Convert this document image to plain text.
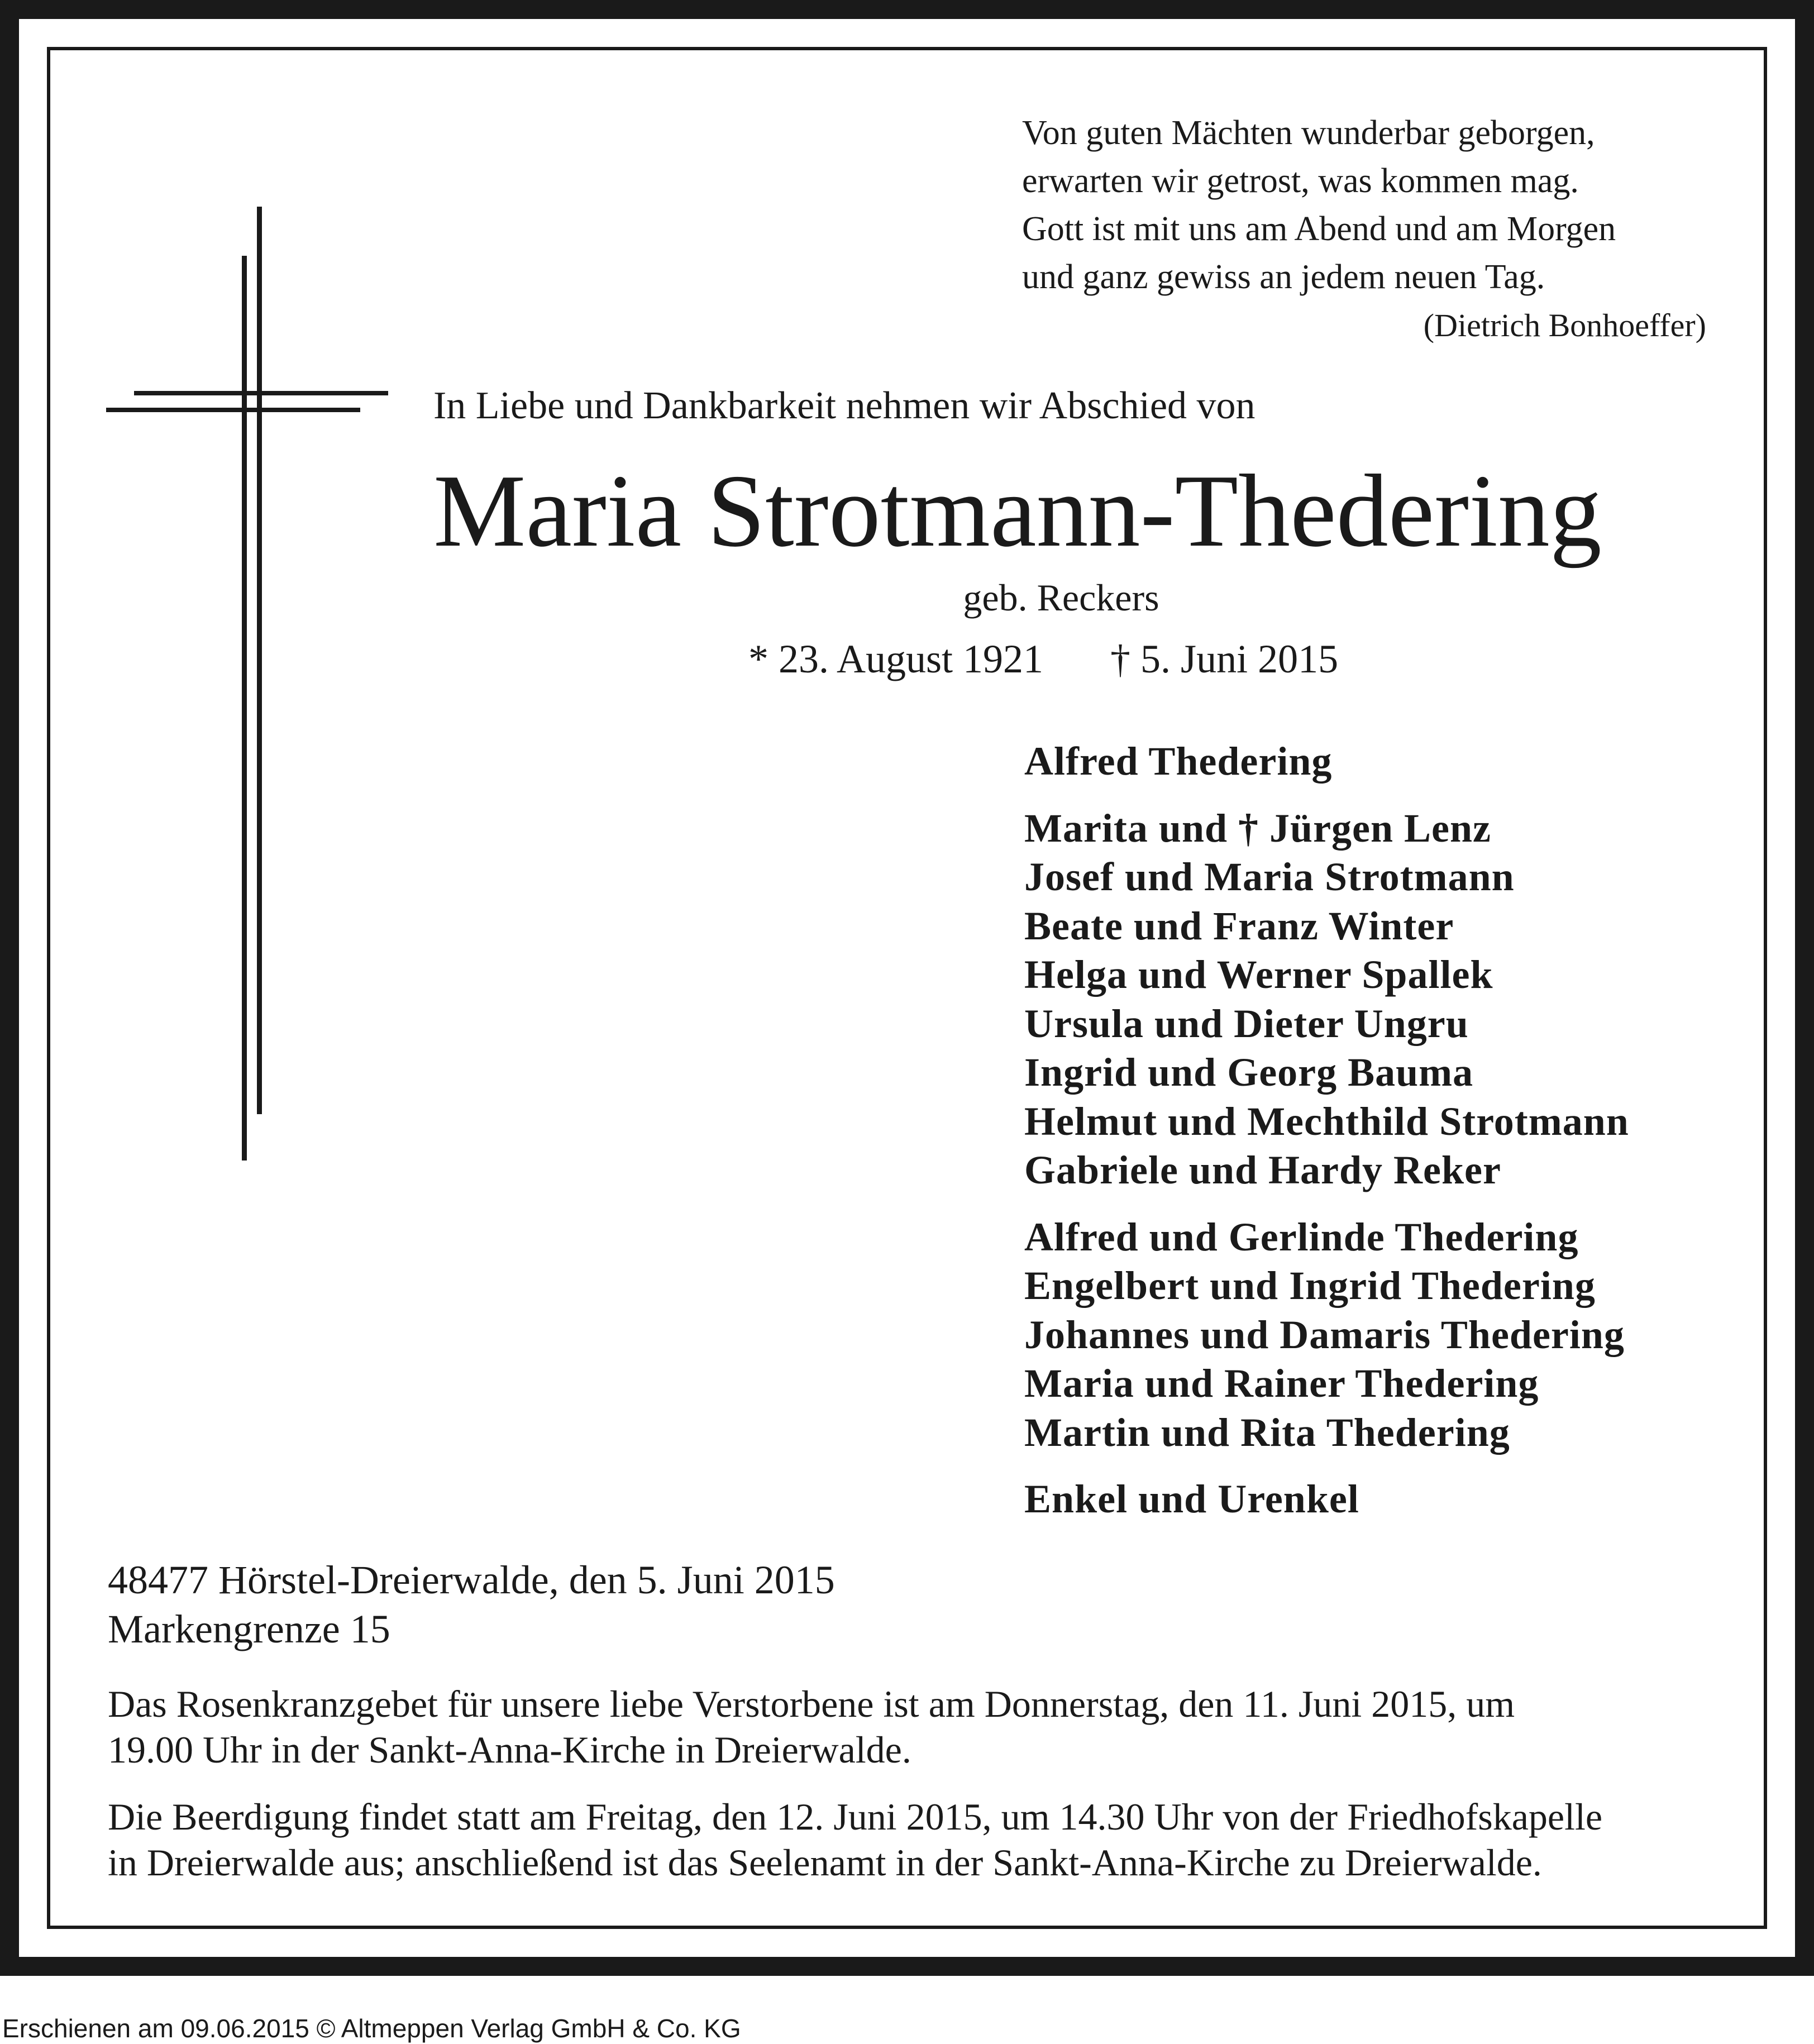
Von guten Mächten wunderbar geborgen,
erwarten wir getrost, was kommen mag.
Gott ist mit uns am Abend und am Morgen
und ganz gewiss an jedem neuen Tag.
(Dietrich Bonhoeffer)
In Liebe und Dankbarkeit nehmen wir Abschied von
Maria Strotmann-Thedering
geb. Reckers
* 23. August 1921 † 5. Juni 2015
Alfred Thedering
Marita und † Jürgen Lenz
Josef und Maria Strotmann
Beate und Franz Winter
Helga und Werner Spallek
Ursula und Dieter Ungru
Ingrid und Georg Bauma
Helmut und Mechthild Strotmann
Gabriele und Hardy Reker
Alfred und Gerlinde Thedering
Engelbert und Ingrid Thedering
Johannes und Damaris Thedering
Maria und Rainer Thedering
Martin und Rita Thedering
Enkel und Urenkel
48477 Hörstel-Dreierwalde, den 5. Juni 2015
Markengrenze 15
Das Rosenkranzgebet für unsere liebe Verstorbene ist am Donnerstag, den 11. Juni 2015, um
19.00 Uhr in der Sankt-Anna-Kirche in Dreierwalde.
Die Beerdigung findet statt am Freitag, den 12. Juni 2015, um 14.30 Uhr von der Friedhofskapelle
in Dreierwalde aus; anschließend ist das Seelenamt in der Sankt-Anna-Kirche zu Dreierwalde.
Erschienen am 09.06.2015 © Altmeppen Verlag GmbH & Co. KG
